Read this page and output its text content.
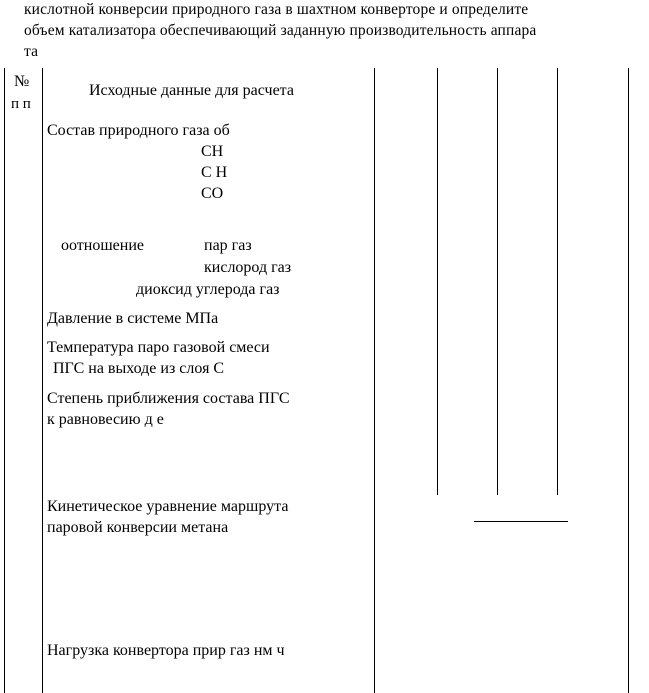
кислотной конверсии природного газа в шахтном конверторе и определите
объем катализатора обеспечивающий заданную производительность аппара
та
№
п п
Исходные данные для расчета
Состав природного газа об
СН
С Н
СО
оотношение	пар газ
кислород газ
диоксид углерода газ
Давление в системе МПа
Температура паро газовой смеси
ПГС на выходе из слоя С
Степень приближения состава ПГС
к равновесию д е
Кинетическое уравнение маршрута
паровой конверсии метана
Нагрузка конвертора прир газ нм ч
